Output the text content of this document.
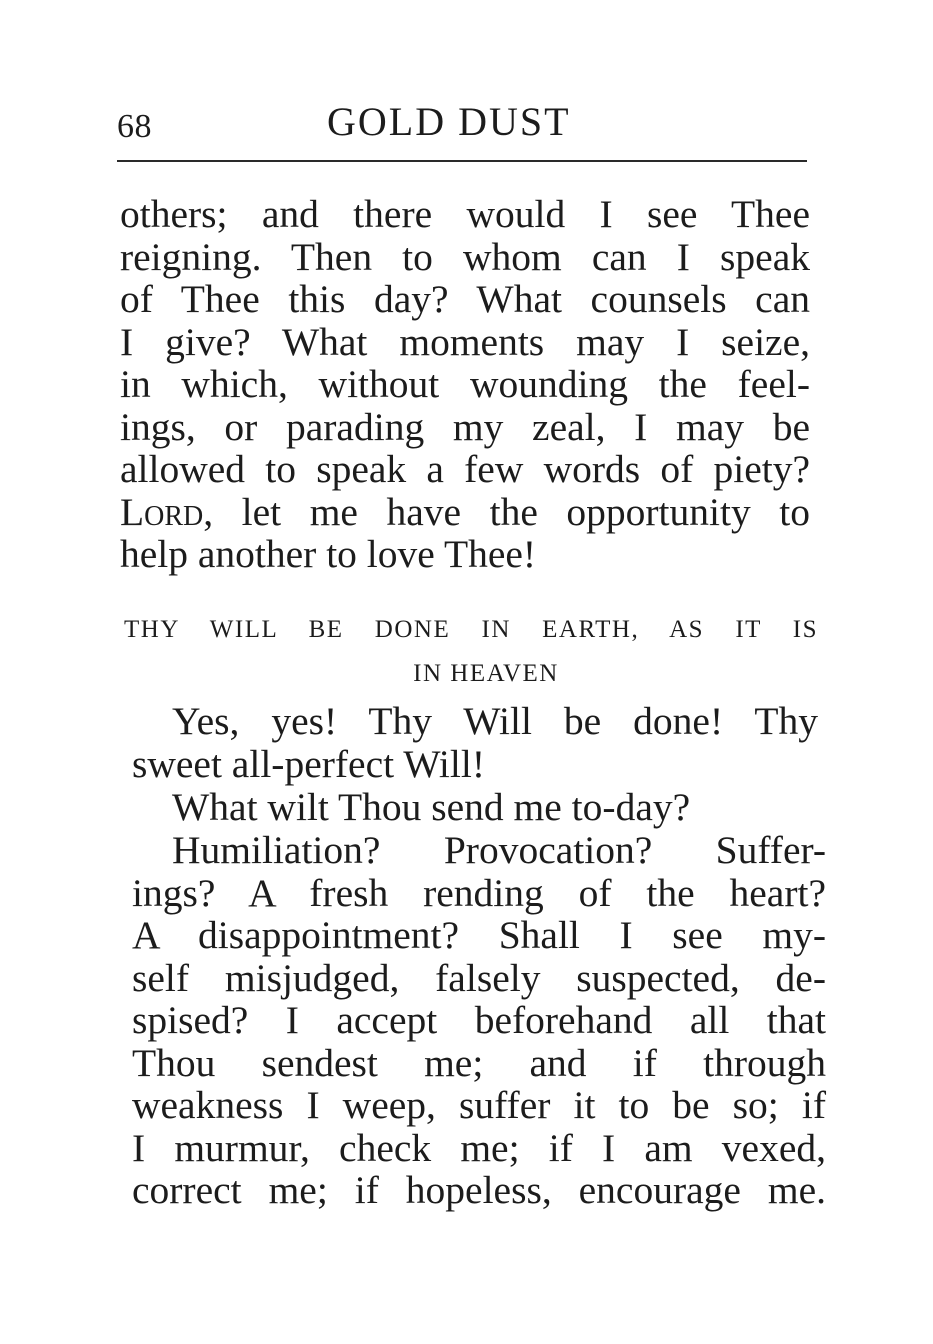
68	GOLD DUST

others; and there would I see Thee
reigning. Then to whom can I speak
of Thee this day? What counsels can
I give? What moments may I seize,
in which, without wounding the feel-
ings, or parading my zeal, I may be
allowed to speak a few words of piety?
Lord, let me have the opportunity to
help another to love Thee!

THY WILL BE DONE IN EARTH, AS IT IS
IN HEAVEN

Yes, yes! Thy Will be done! Thy
sweet all-perfect Will!

What wilt Thou send me to-day?

Humiliation? Provocation? Suffer-
ings? A fresh rending of the heart?
A disappointment? Shall I see my-
self misjudged, falsely suspected, de-
spised? I accept beforehand all that
Thou sendest me; and if through
weakness I weep, suffer it to be so; if
I murmur, check me; if I am vexed,
correct me; if hopeless, encourage me.
